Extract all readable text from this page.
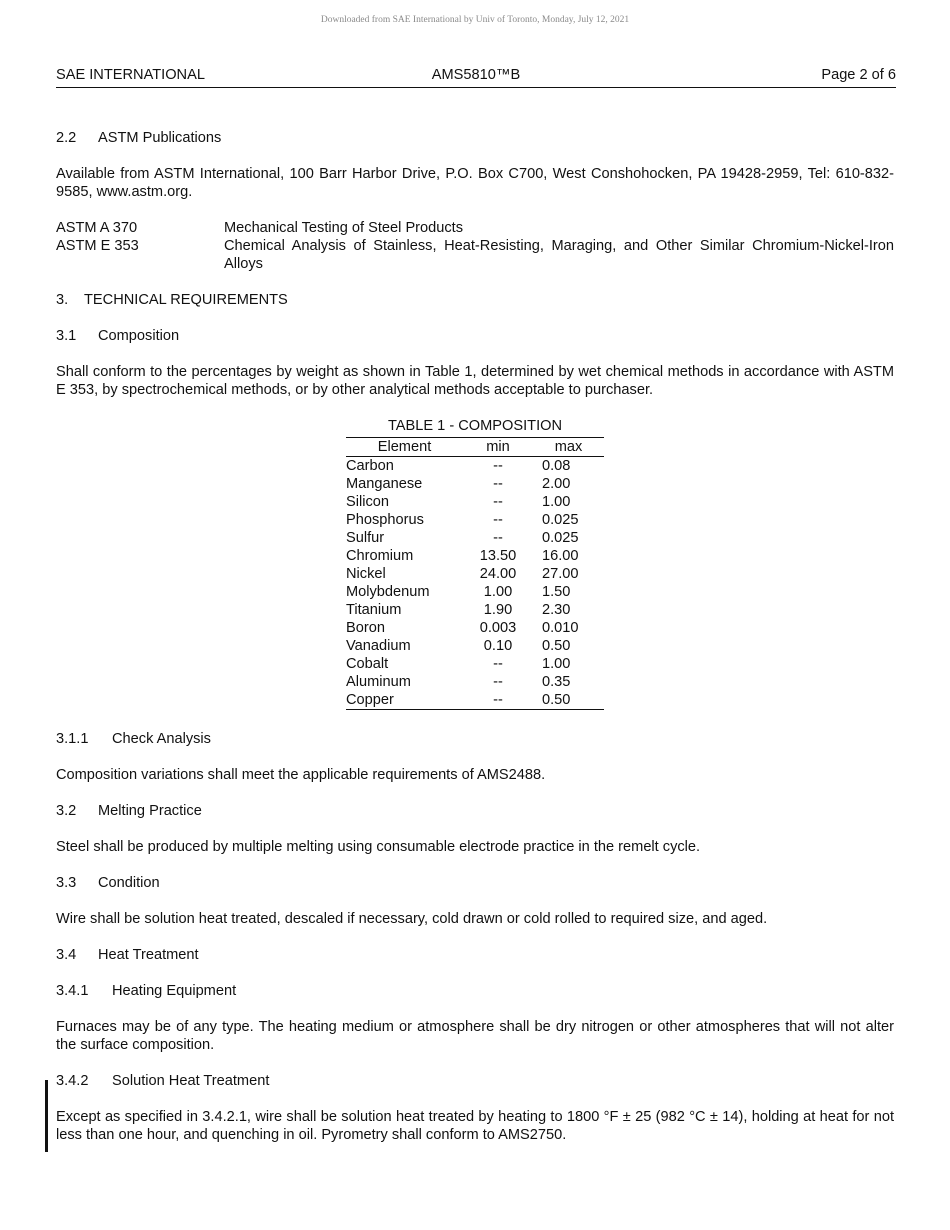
Downloaded from SAE International by Univ of Toronto, Monday, July 12, 2021
SAE INTERNATIONAL	AMS5810™B	Page 2 of 6
2.2 ASTM Publications
Available from ASTM International, 100 Barr Harbor Drive, P.O. Box C700, West Conshohocken, PA 19428-2959, Tel: 610-832-9585, www.astm.org.
ASTM A 370	Mechanical Testing of Steel Products
ASTM E 353	Chemical Analysis of Stainless, Heat-Resisting, Maraging, and Other Similar Chromium-Nickel-Iron Alloys
3. TECHNICAL REQUIREMENTS
3.1 Composition
Shall conform to the percentages by weight as shown in Table 1, determined by wet chemical methods in accordance with ASTM E 353, by spectrochemical methods, or by other analytical methods acceptable to purchaser.
TABLE 1 - COMPOSITION
Element	min	max
Carbon	--	0.08
Manganese	--	2.00
Silicon	--	1.00
Phosphorus	--	0.025
Sulfur	--	0.025
Chromium	13.50	16.00
Nickel	24.00	27.00
Molybdenum	1.00	1.50
Titanium	1.90	2.30
Boron	0.003	0.010
Vanadium	0.10	0.50
Cobalt	--	1.00
Aluminum	--	0.35
Copper	--	0.50
3.1.1 Check Analysis
Composition variations shall meet the applicable requirements of AMS2488.
3.2 Melting Practice
Steel shall be produced by multiple melting using consumable electrode practice in the remelt cycle.
3.3 Condition
Wire shall be solution heat treated, descaled if necessary, cold drawn or cold rolled to required size, and aged.
3.4 Heat Treatment
3.4.1 Heating Equipment
Furnaces may be of any type. The heating medium or atmosphere shall be dry nitrogen or other atmospheres that will not alter the surface composition.
3.4.2 Solution Heat Treatment
Except as specified in 3.4.2.1, wire shall be solution heat treated by heating to 1800 °F ± 25 (982 °C ± 14), holding at heat for not less than one hour, and quenching in oil. Pyrometry shall conform to AMS2750.
